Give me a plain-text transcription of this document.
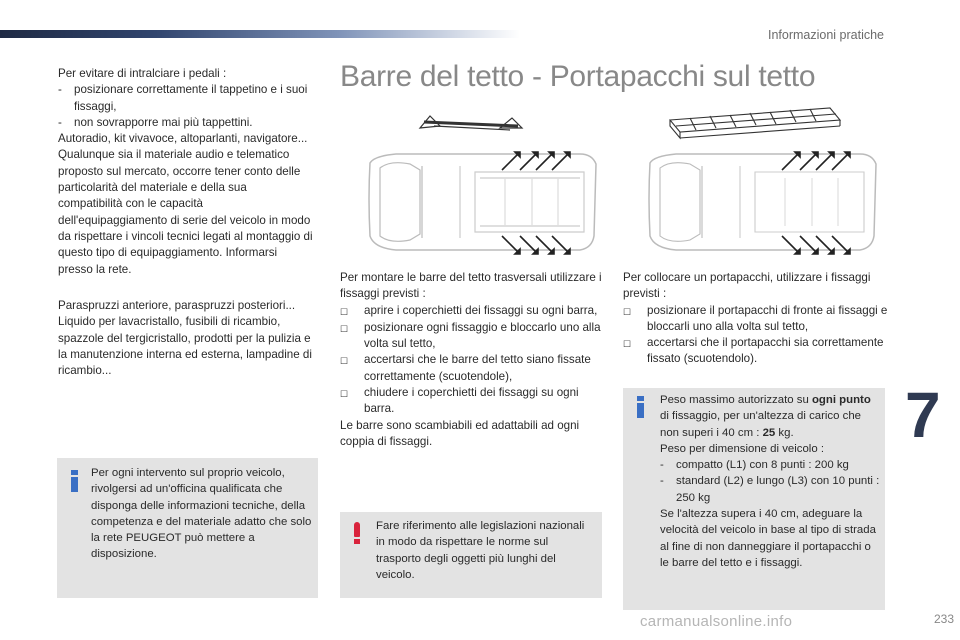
Informazioni pratiche

Per evitare di intralciare i pedali :

-	posizionare correttamente il tappetino e i suoi fissaggi,
-	non sovrapporre mai più tappettini.

Autoradio, kit vivavoce, altoparlanti, navigatore...

Qualunque sia il materiale audio e telematico proposto sul mercato, occorre tener conto delle particolarità del materiale e della sua compatibilità con le capacità dell'equipaggiamento di serie del veicolo in modo da rispettare i vincoli tecnici legati al montaggio di questo tipo di equipaggiamento. Informarsi presso la rete.

Paraspruzzi anteriore, paraspruzzi posteriori... Liquido per lavacristallo, fusibili di ricambio, spazzole del tergicristallo, prodotti per la pulizia e la manutenzione interna ed esterna, lampadine di ricambio...

Per ogni intervento sul proprio veicolo, rivolgersi ad un'officina qualificata che disponga delle informazioni tecniche, della competenza e del materiale adatto che solo la rete PEUGEOT può mettere a disposizione.

Barre del tetto - Portapacchi sul tetto

Per montare le barre del tetto trasversali utilizzare i fissaggi previsti :

☐	aprire i coperchietti dei fissaggi su ogni barra,
☐	posizionare ogni fissaggio e bloccarlo uno alla volta sul tetto,
☐	accertarsi che le barre del tetto siano fissate correttamente (scuotendole),
☐	chiudere i coperchietti dei fissaggi su ogni barra.

Le barre sono scambiabili ed adattabili ad ogni coppia di fissaggi.

Fare riferimento alle legislazioni nazionali in modo da rispettare le norme sul trasporto degli oggetti più lunghi del veicolo.

Per collocare un portapacchi, utilizzare i fissaggi previsti :

☐	posizionare il portapacchi di fronte ai fissaggi e bloccarli uno alla volta sul tetto,
☐	accertarsi che il portapacchi sia correttamente fissato (scuotendolo).

Peso massimo autorizzato su ogni punto di fissaggio, per un'altezza di carico che non superi i 40 cm : 25 kg.

Peso per dimensione di veicolo :

-	compatto (L1) con 8 punti : 200 kg
-	standard (L2) e lungo (L3) con 10 punti : 250 kg

Se l'altezza supera i 40 cm, adeguare la velocità del veicolo in base al tipo di strada al fine di non danneggiare il portapacchi o le barre del tetto e i fissaggi.

7
carmanualsonline.info	233
